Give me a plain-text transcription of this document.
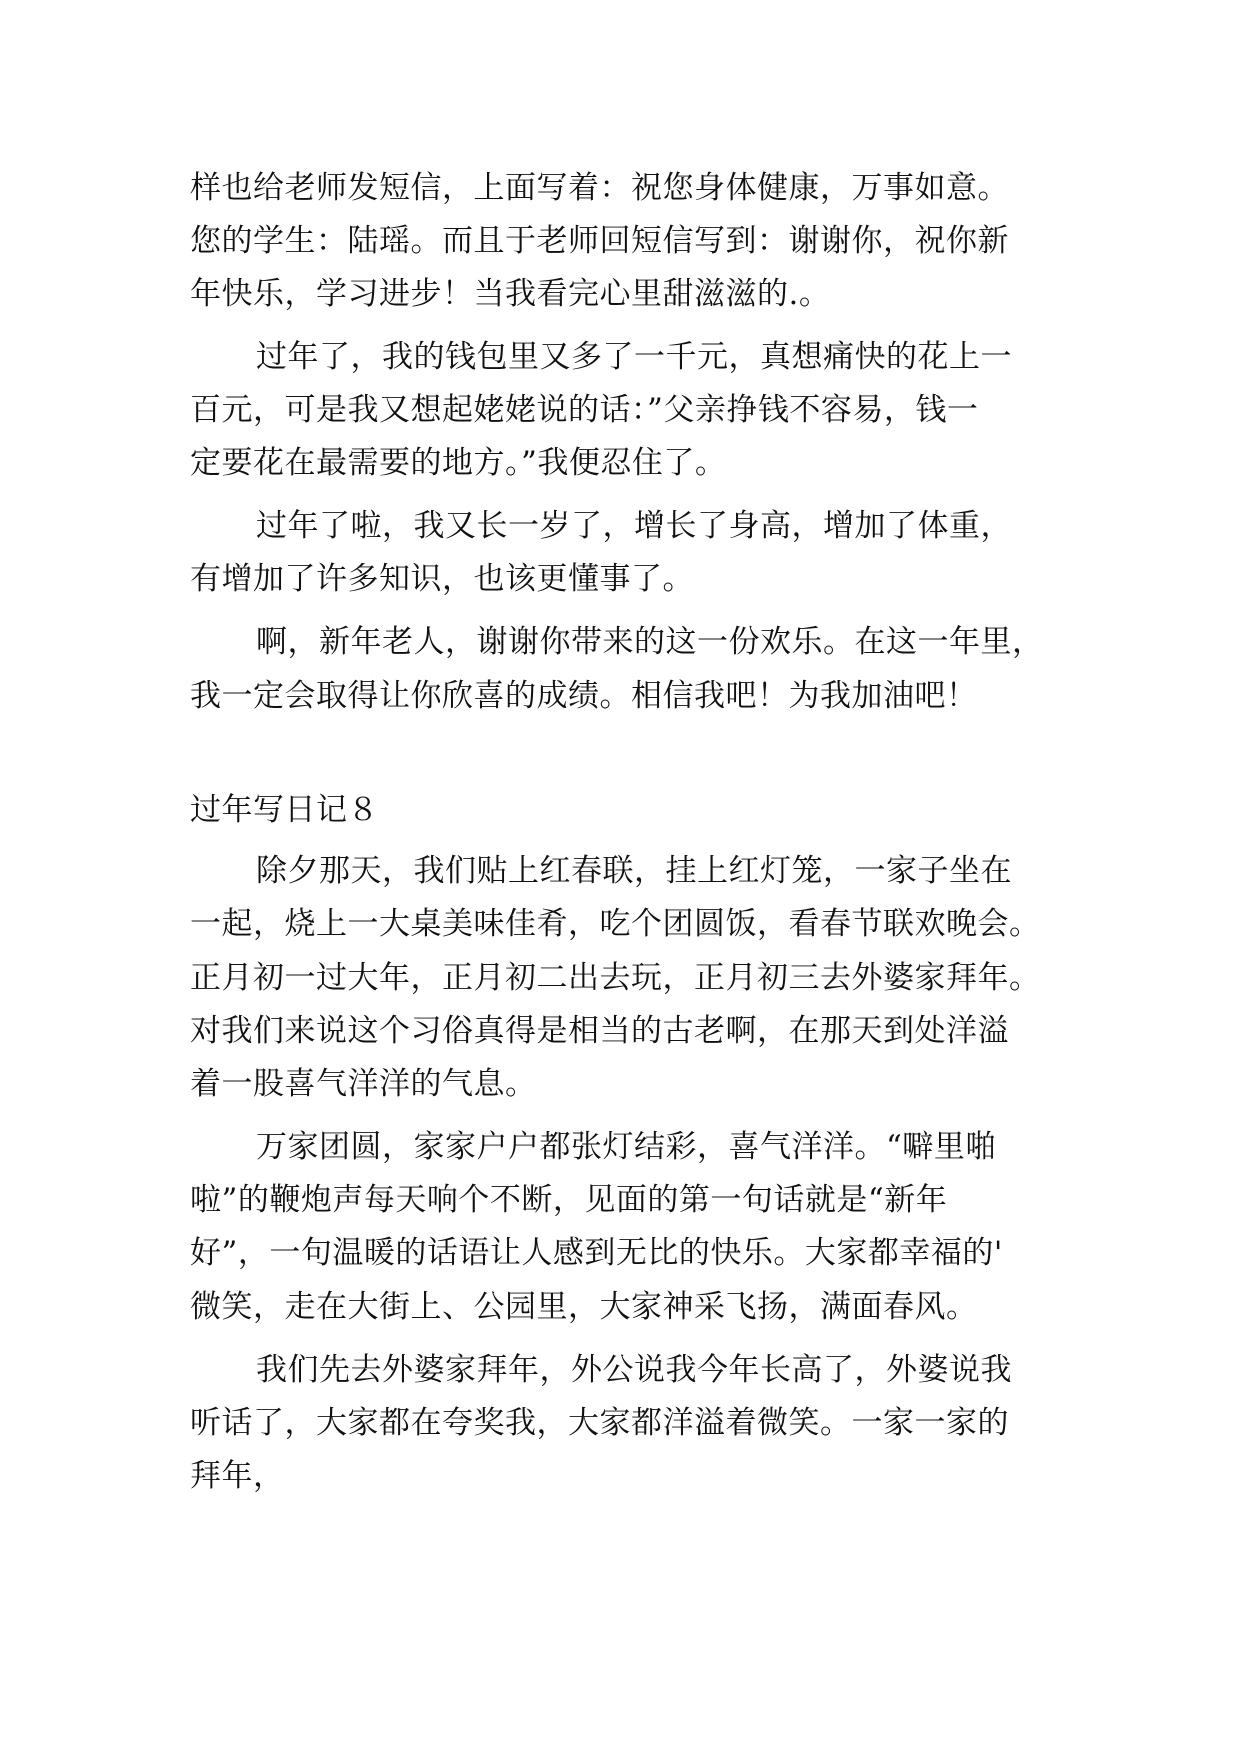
样也给老师发短信，上面写着：祝您身体健康，万事如意。
您的学生：陆瑶。而且于老师回短信写到：谢谢你，祝你新
年快乐，学习进步！当我看完心里甜滋滋的.。
过年了，我的钱包里又多了一千元，真想痛快的花上一
百元，可是我又想起姥姥说的话：”父亲挣钱不容易，钱一
定要花在最需要的地方。”我便忍住了。
过年了啦，我又长一岁了，增长了身高，增加了体重，
有增加了许多知识，也该更懂事了。
啊，新年老人，谢谢你带来的这一份欢乐。在这一年里，
我一定会取得让你欣喜的成绩。相信我吧！为我加油吧！
过年写日记８
除夕那天，我们贴上红春联，挂上红灯笼，一家子坐在
一起，烧上一大桌美味佳肴，吃个团圆饭，看春节联欢晚会。
正月初一过大年，正月初二出去玩，正月初三去外婆家拜年。
对我们来说这个习俗真得是相当的古老啊，在那天到处洋溢
着一股喜气洋洋的气息。
万家团圆，家家户户都张灯结彩，喜气洋洋。“噼里啪
啦”的鞭炮声每天响个不断，见面的第一句话就是“新年
好”，一句温暖的话语让人感到无比的快乐。大家都幸福的'
微笑，走在大街上、公园里，大家神采飞扬，满面春风。
我们先去外婆家拜年，外公说我今年长高了，外婆说我
听话了，大家都在夸奖我，大家都洋溢着微笑。一家一家的
拜年，
